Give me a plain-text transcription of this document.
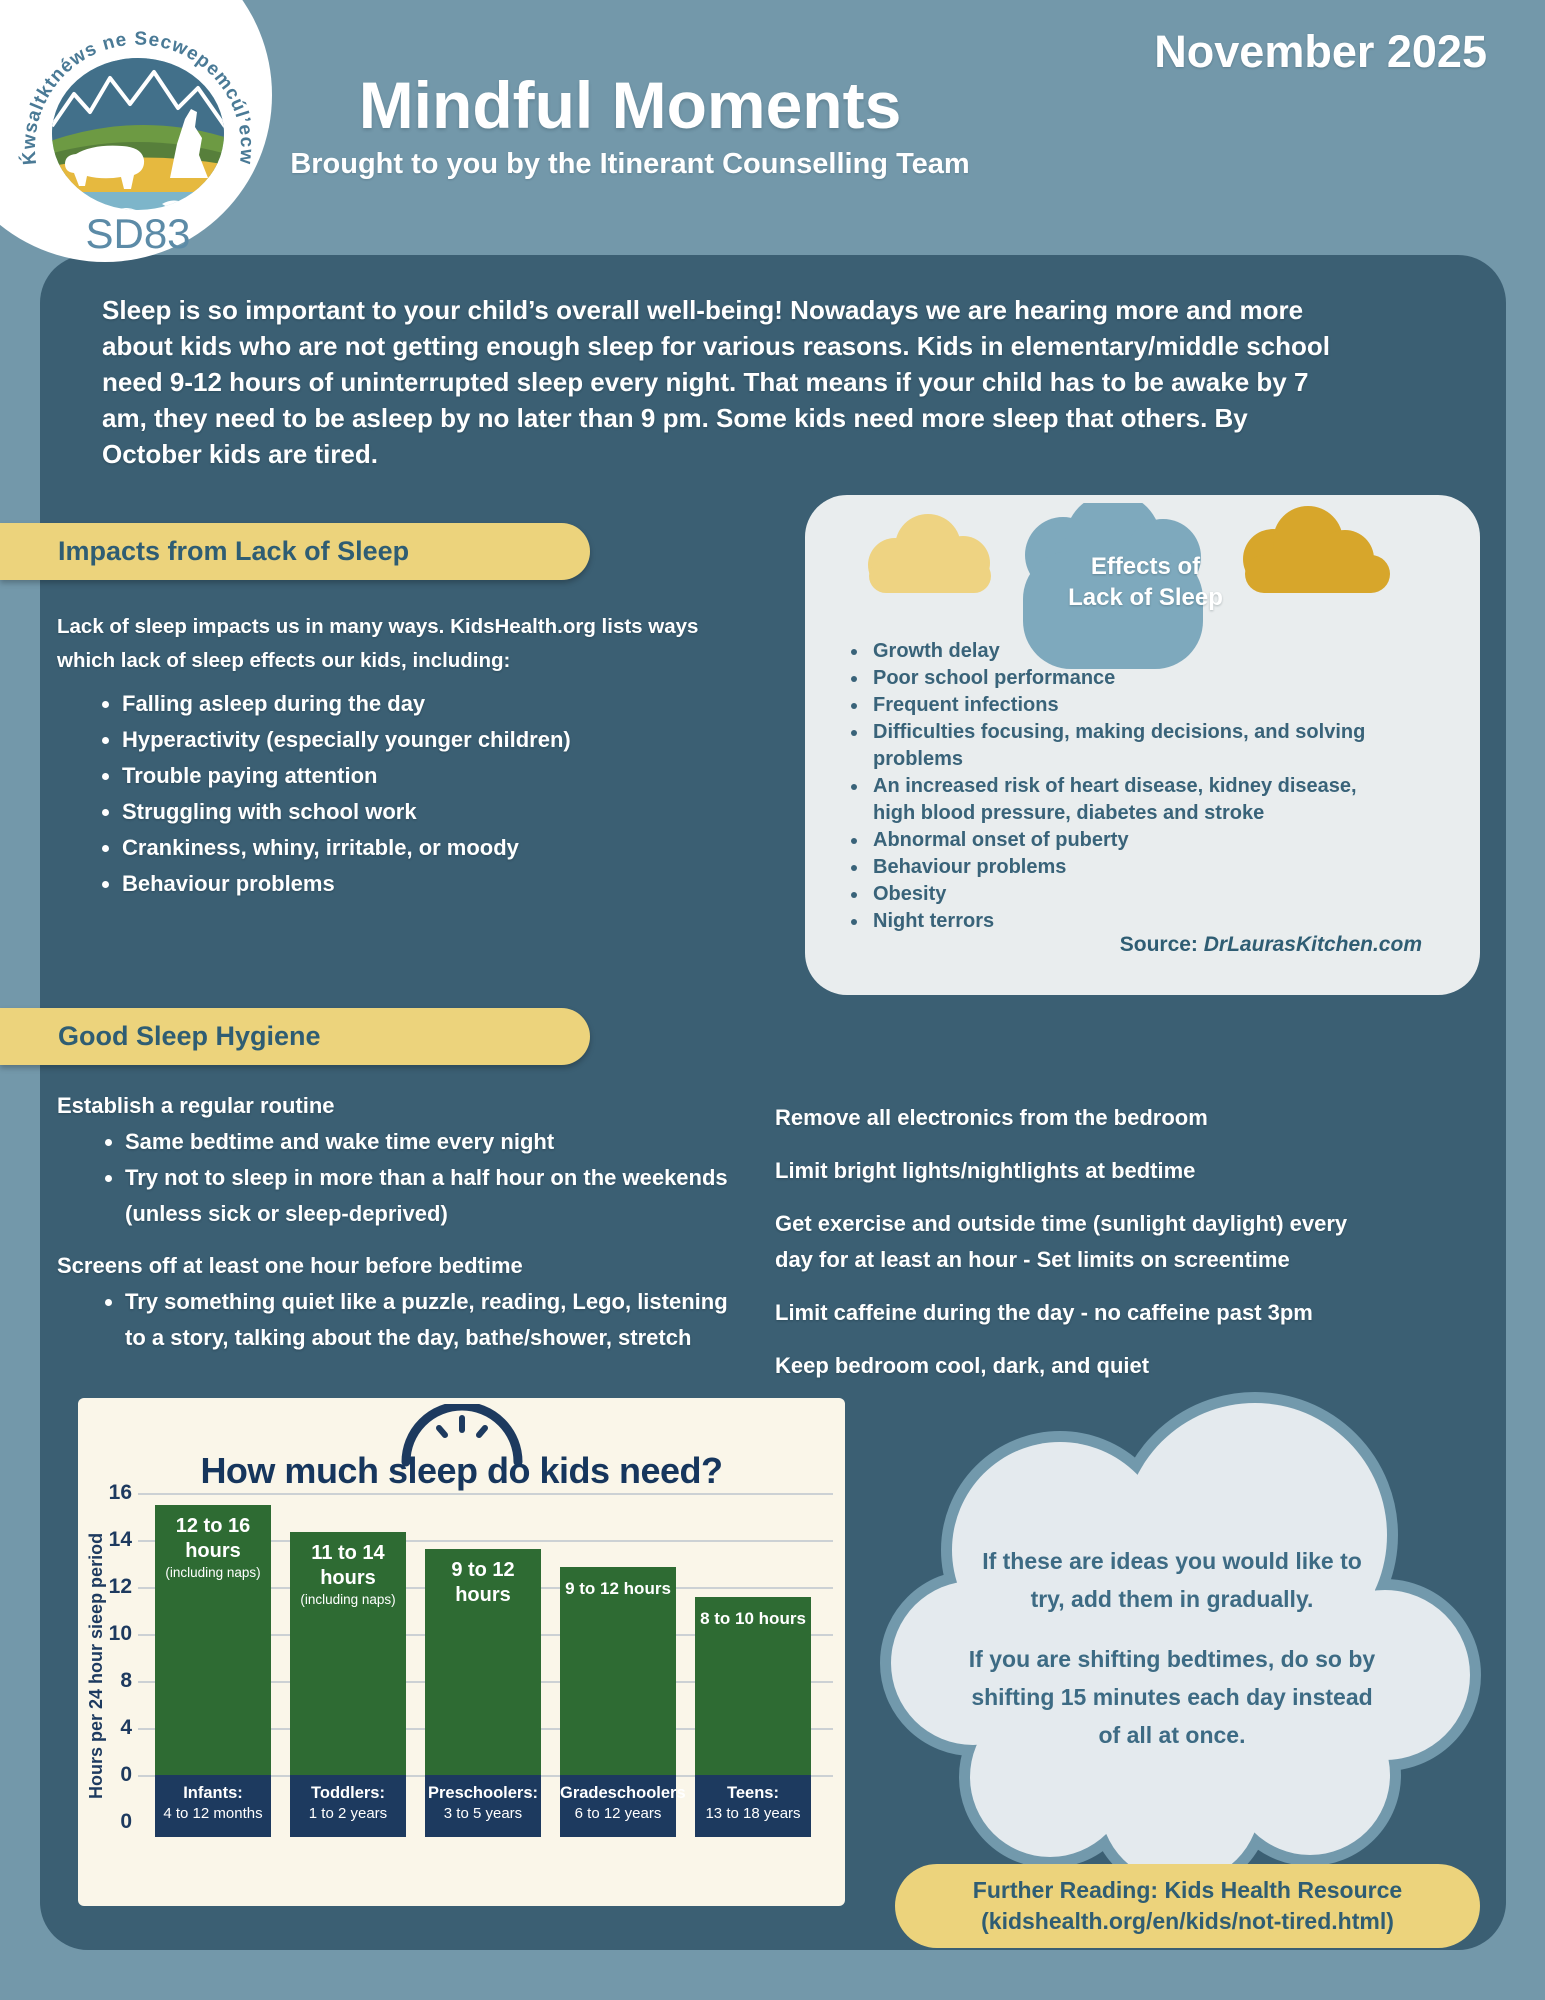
November 2025
Mindful Moments
Brought to you by the Itinerant Counselling Team
Ḱwsaltktnéws ne Secwepemcúl’ecw
SD83

Sleep is so important to your child’s overall well-being! Nowadays we are hearing more and more about kids who are not getting enough sleep for various reasons. Kids in elementary/middle school need 9-12 hours of uninterrupted sleep every night. That means if your child has to be awake by 7 am, they need to be asleep by no later than 9 pm. Some kids need more sleep that others. By October kids are tired.

Impacts from Lack of Sleep
Lack of sleep impacts us in many ways. KidsHealth.org lists ways which lack of sleep effects our kids, including:
• Falling asleep during the day
• Hyperactivity (especially younger children)
• Trouble paying attention
• Struggling with school work
• Crankiness, whiny, irritable, or moody
• Behaviour problems
Effects of
Lack of Sleep
• Growth delay
• Poor school performance
• Frequent infections
• Difficulties focusing, making decisions, and solving problems
• An increased risk of heart disease, kidney disease, high blood pressure, diabetes and stroke
• Abnormal onset of puberty
• Behaviour problems
• Obesity
• Night terrors
Source: DrLaurasKitchen.com
Good Sleep Hygiene
Establish a regular routine
• Same bedtime and wake time every night
• Try not to sleep in more than a half hour on the weekends (unless sick or sleep-deprived)
Screens off at least one hour before bedtime
• Try something quiet like a puzzle, reading, Lego, listening to a story, talking about the day, bathe/shower, stretch

Remove all electronics from the bedroom

Limit bright lights/nightlights at bedtime

Get exercise and outside time (sunlight daylight) every day for at least an hour - Set limits on screentime

Limit caffeine during the day - no caffeine past 3pm

Keep bedroom cool, dark, and quiet

How much sleep do kids need?
Hours per 24 hour sieep period
16
14
12
10
8
4
0
0
12 to 16
hours
(including naps)
Infants:
4 to 12 months
11 to 14
hours
(including naps)
Toddlers:
1 to 2 years
9 to 12
hours
Preschoolers:
3 to 5 years
9 to 12 hours
Gradeschoolers
6 to 12 years
8 to 10 hours
Teens:
13 to 18 years

If these are ideas you would like to try, add them in gradually.

If you are shifting bedtimes, do so by shifting 15 minutes each day instead of all at once.

Further Reading: Kids Health Resource
(kidshealth.org/en/kids/not-tired.html)
